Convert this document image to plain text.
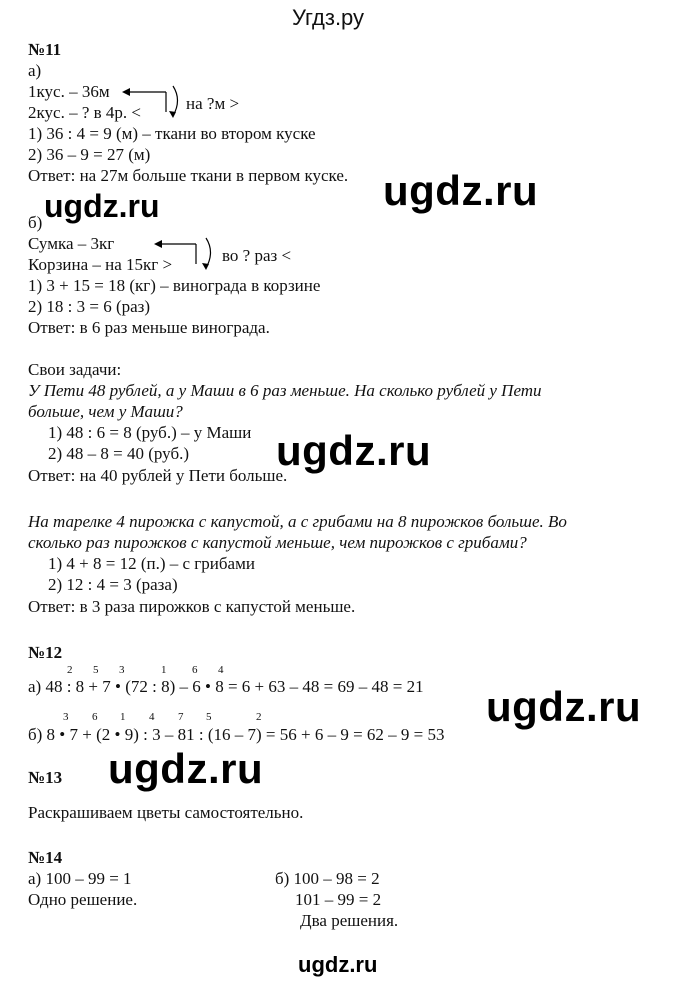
Угдз.ру
№11
а)
1кус. – 36м
2кус. – ? в 4р. <	на ?м >
1) 36 : 4 = 9 (м) – ткани во втором куске
2) 36 – 9 = 27 (м)
Ответ: на 27м больше ткани в первом куске. ugdz.ru
ugdz.ru
б)
Сумка – 3кг
Корзина – на 15кг >	во ? раз <
1) 3 + 15 = 18 (кг) – винограда в корзине
2) 18 : 3 = 6 (раз)
Ответ: в 6 раз меньше винограда.
Свои задачи:
У Пети 48 рублей, а у Маши в 6 раз меньше. На сколько рублей у Пети
больше, чем у Маши?
1) 48 : 6 = 8 (руб.) – у Маши
2) 48 – 8 = 40 (руб.) ugdz.ru
Ответ: на 40 рублей у Пети больше.
На тарелке 4 пирожка с капустой, а с грибами на 8 пирожков больше. Во
сколько раз пирожков с капустой меньше, чем пирожков с грибами?
1) 4 + 8 = 12 (п.) – с грибами
2) 12 : 4 = 3 (раза)
Ответ: в 3 раза пирожков с капустой меньше.
№12
2 5 3	1 6 4
а) 48 : 8 + 7 • (72 : 8) – 6 • 8 = 6 + 63 – 48 = 69 – 48 = 21 ugdz.ru
3 6 1 4 7 5	2
б) 8 • 7 + (2 • 9) : 3 – 81 : (16 – 7) = 56 + 6 – 9 = 62 – 9 = 53
ugdz.ru
№13
Раскрашиваем цветы самостоятельно.
№14
а) 100 – 99 = 1
Одно решение.
б) 100 – 98 = 2
101 – 99 = 2
Два решения.
ugdz.ru
